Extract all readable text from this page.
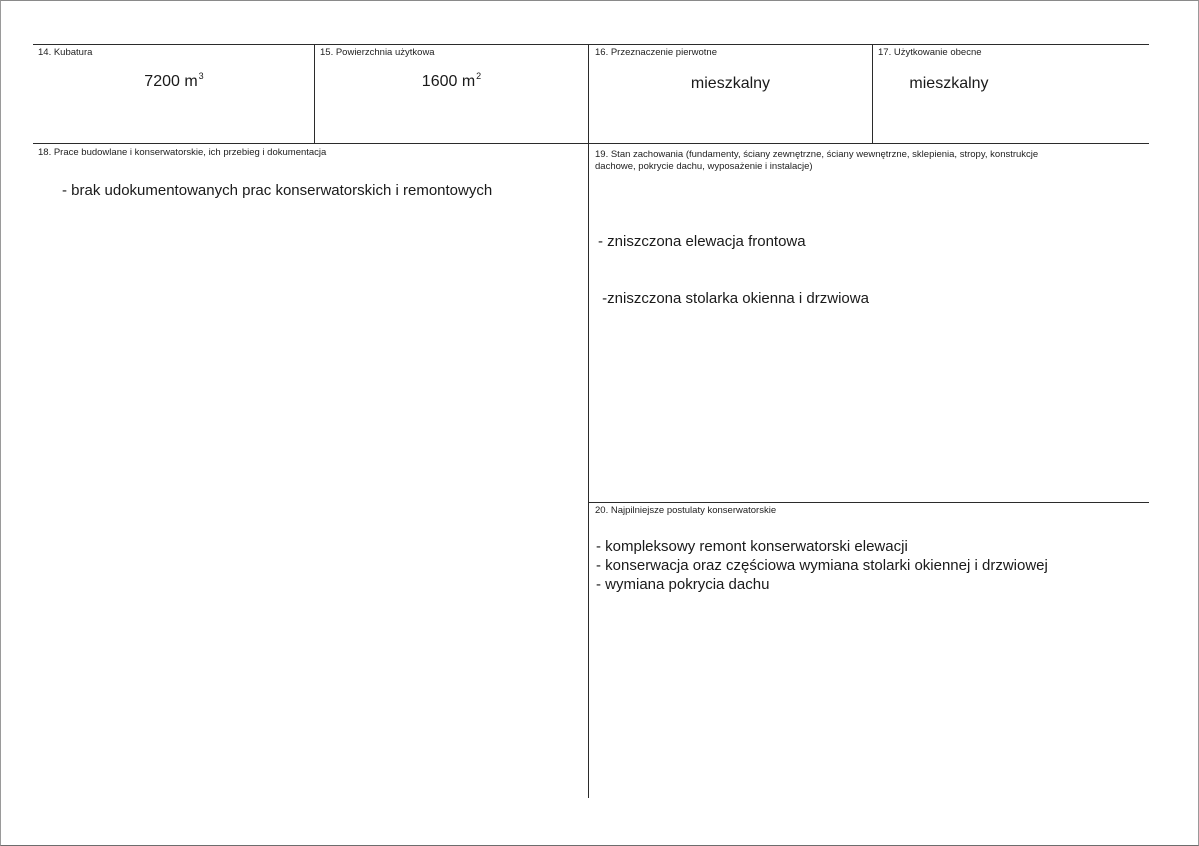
14. Kubatura
7200 $m^3$
15. Powierzchnia użytkowa
1600 $m^2$
16. Przeznaczenie pierwotne
mieszkalny
17. Użytkowanie obecne
mieszkalny
18. Prace budowlane i konserwatorskie, ich przebieg i dokumentacja
- brak udokumentowanych prac konserwatorskich i remontowych
19. Stan zachowania (fundamenty, ściany zewnętrzne, ściany wewnętrzne, sklepienia, stropy, konstrukcje dachowe, pokrycie dachu, wyposażenie i instalacje)

- zniszczona elewacja frontowa

-zniszczona stolarka okienna i drzwiowa

20. Najpilniejsze postulaty konserwatorskie
- kompleksowy remont konserwatorski elewacji
- konserwacja oraz częściowa wymiana stolarki okiennej i drzwiowej
- wymiana pokrycia dachu
